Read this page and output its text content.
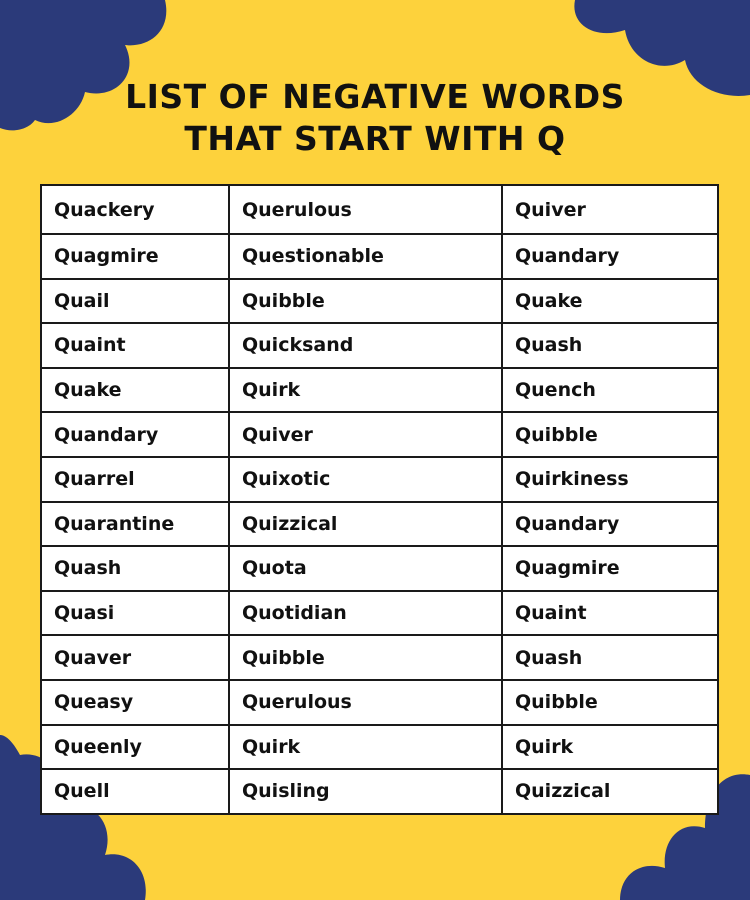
LIST OF NEGATIVE WORDS
THAT START WITH Q
Quackery	Querulous	Quiver
Quagmire	Questionable	Quandary
Quail	Quibble	Quake
Quaint	Quicksand	Quash
Quake	Quirk	Quench
Quandary	Quiver	Quibble
Quarrel	Quixotic	Quirkiness
Quarantine	Quizzical	Quandary
Quash	Quota	Quagmire
Quasi	Quotidian	Quaint
Quaver	Quibble	Quash
Queasy	Querulous	Quibble
Queenly	Quirk	Quirk
Quell	Quisling	Quizzical
